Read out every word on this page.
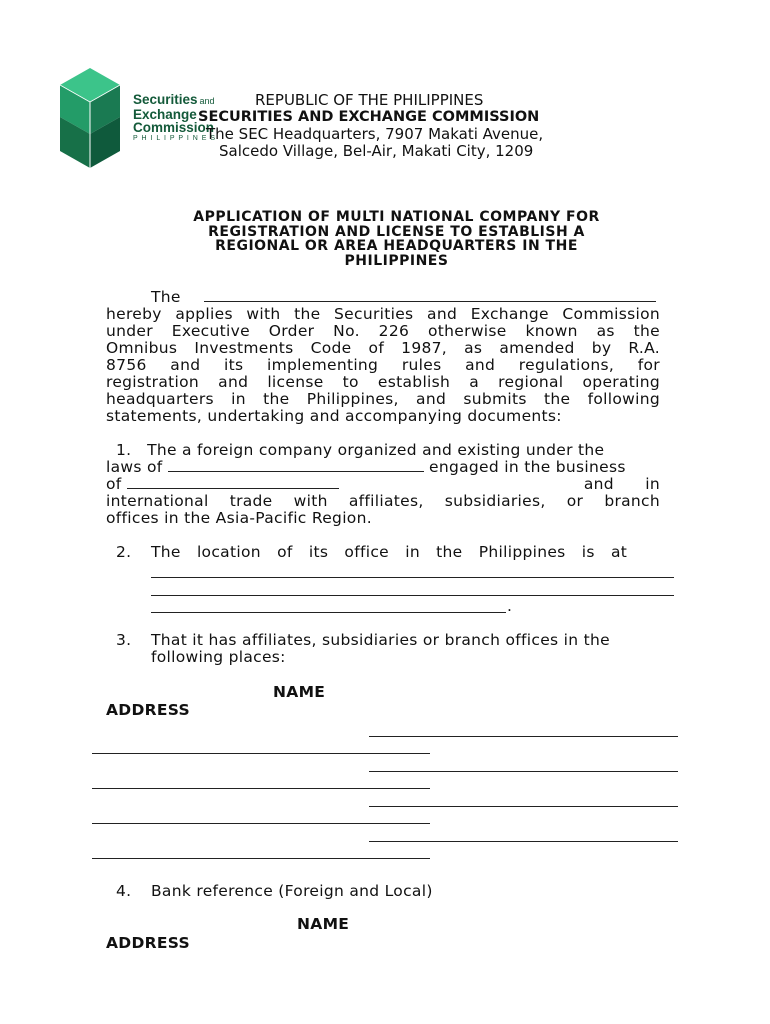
Securities and
Exchange
Commission
P H I L I P P I N E S
REPUBLIC OF THE PHILIPPINES
SECURITIES AND EXCHANGE COMMISSION
The SEC Headquarters, 7907 Makati Avenue,
Salcedo Village, Bel-Air, Makati City, 1209
APPLICATION OF MULTI NATIONAL COMPANY FOR
REGISTRATION AND LICENSE TO ESTABLISH A
REGIONAL OR AREA HEADQUARTERS IN THE
PHILIPPINES
The
hereby applies with the Securities and Exchange Commission
under Executive Order No. 226 otherwise known as the
Omnibus Investments Code of 1987, as amended by R.A.
8756 and its implementing rules and regulations, for
registration and license to establish a regional operating
headquarters in the Philippines, and submits the following
statements, undertaking and accompanying documents:
1.   The a foreign company organized and existing under the
laws of	engaged in the business
of	and      in
international trade with affiliates, subsidiaries, or branch
offices in the Asia-Pacific Region.
2. The location of its office in the Philippines is at
.
3. That it has affiliates, subsidiaries or branch offices in the
following places:
NAME
ADDRESS
4. Bank reference (Foreign and Local)
NAME
ADDRESS
